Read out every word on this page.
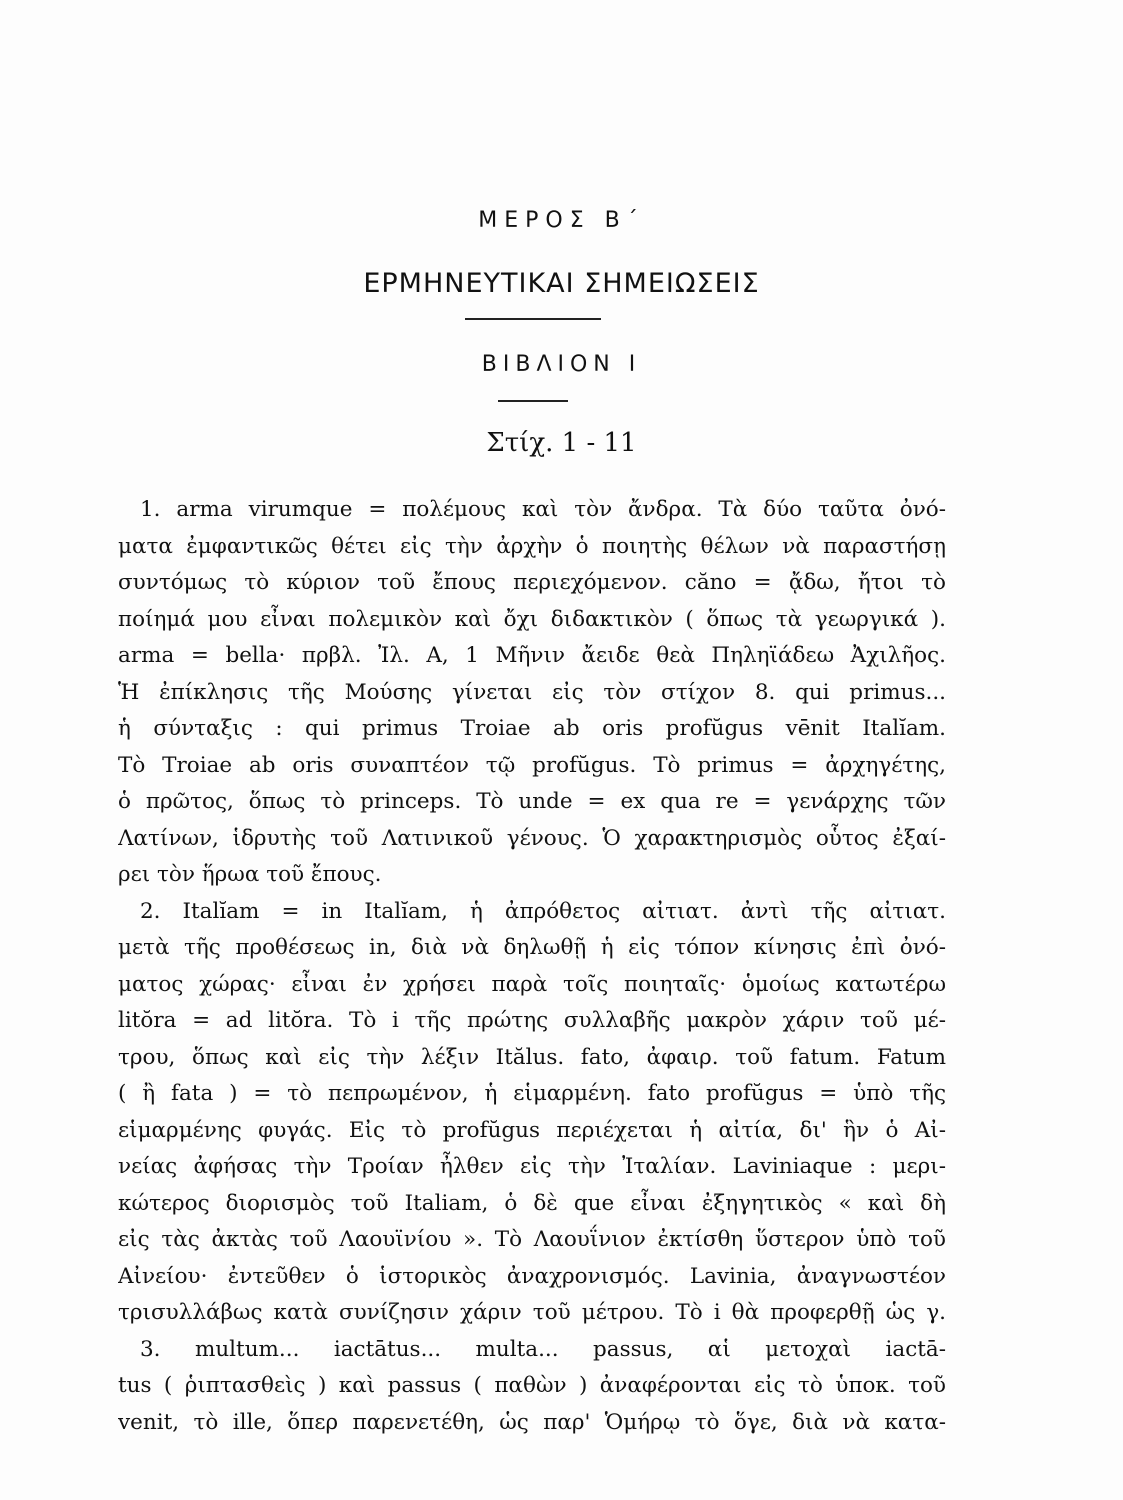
ΜΕΡΟΣ Β΄
ΕΡΜΗΝΕΥΤΙΚΑΙ ΣΗΜΕΙΩΣΕΙΣ
ΒΙΒΛΙΟΝ Ι
Στίχ. 1 - 11
1. arma virumque = πολέμους καὶ τὸν ἄνδρα. Τὰ δύο ταῦτα ὀνό-
ματα ἐμφαντικῶς θέτει εἰς τὴν ἀρχὴν ὁ ποιητὴς θέλων νὰ παραστήσῃ
συντόμως τὸ κύριον τοῦ ἔπους περιεχόμενον. căno = ᾄδω, ἤτοι τὸ
ποίημά μου εἶναι πολεμικὸν καὶ ὄχι διδακτικὸν ( ὅπως τὰ γεωργικά ).
arma = bella· πρβλ. Ἰλ. Α, 1 Μῆνιν ἄειδε θεὰ Πηληϊάδεω Ἀχιλῆος.
Ἡ ἐπίκλησις τῆς Μούσης γίνεται εἰς τὸν στίχον 8. qui primus...
ἡ σύνταξις : qui primus Troiae ab oris profŭgus vēnit Italĭam.
Τὸ Troiae ab oris συναπτέον τῷ profŭgus. Τὸ primus = ἀρχηγέτης,
ὁ πρῶτος, ὅπως τὸ princeps. Τὸ unde = ex qua re = γενάρχης τῶν
Λατίνων, ἱδρυτὴς τοῦ Λατινικοῦ γένους. Ὁ χαρακτηρισμὸς οὗτος ἐξαί-
ρει τὸν ἥρωα τοῦ ἔπους.
2. Italĭam = in Italĭam, ἡ ἀπρόθετος αἰτιατ. ἀντὶ τῆς αἰτιατ.
μετὰ τῆς προθέσεως in, διὰ νὰ δηλωθῇ ἡ εἰς τόπον κίνησις ἐπὶ ὀνό-
ματος χώρας· εἶναι ἐν χρήσει παρὰ τοῖς ποιηταῖς· ὁμοίως κατωτέρω
litŏra = ad litŏra. Τὸ i τῆς πρώτης συλλαβῆς μακρὸν χάριν τοῦ μέ-
τρου, ὅπως καὶ εἰς τὴν λέξιν Itălus. fato, ἀφαιρ. τοῦ fatum. Fatum
( ἢ fata ) = τὸ πεπρωμένον, ἡ εἱμαρμένη. fato profŭgus = ὑπὸ τῆς
εἱμαρμένης φυγάς. Εἰς τὸ profŭgus περιέχεται ἡ αἰτία, δι' ἣν ὁ Αἰ-
νείας ἀφήσας τὴν Τροίαν ἦλθεν εἰς τὴν Ἰταλίαν. Laviniaque : μερι-
κώτερος διορισμὸς τοῦ Italiam, ὁ δὲ que εἶναι ἐξηγητικὸς « καὶ δὴ
εἰς τὰς ἀκτὰς τοῦ Λαουϊνίου ». Τὸ Λαουΐνιον ἐκτίσθη ὕστερον ὑπὸ τοῦ
Αἰνείου· ἐντεῦθεν ὁ ἱστορικὸς ἀναχρονισμός. Lavinia, ἀναγνωστέον
τρισυλλάβως κατὰ συνίζησιν χάριν τοῦ μέτρου. Τὸ i θὰ προφερθῇ ὡς γ.
3. multum... iactātus... multa... passus, αἱ μετοχαὶ iactā-
tus ( ῥιπτασθεὶς ) καὶ passus ( παθὼν ) ἀναφέρονται εἰς τὸ ὑποκ. τοῦ
venit, τὸ ille, ὅπερ παρενετέθη, ὡς παρ' Ὁμήρῳ τὸ ὅγε, διὰ νὰ κατα-
